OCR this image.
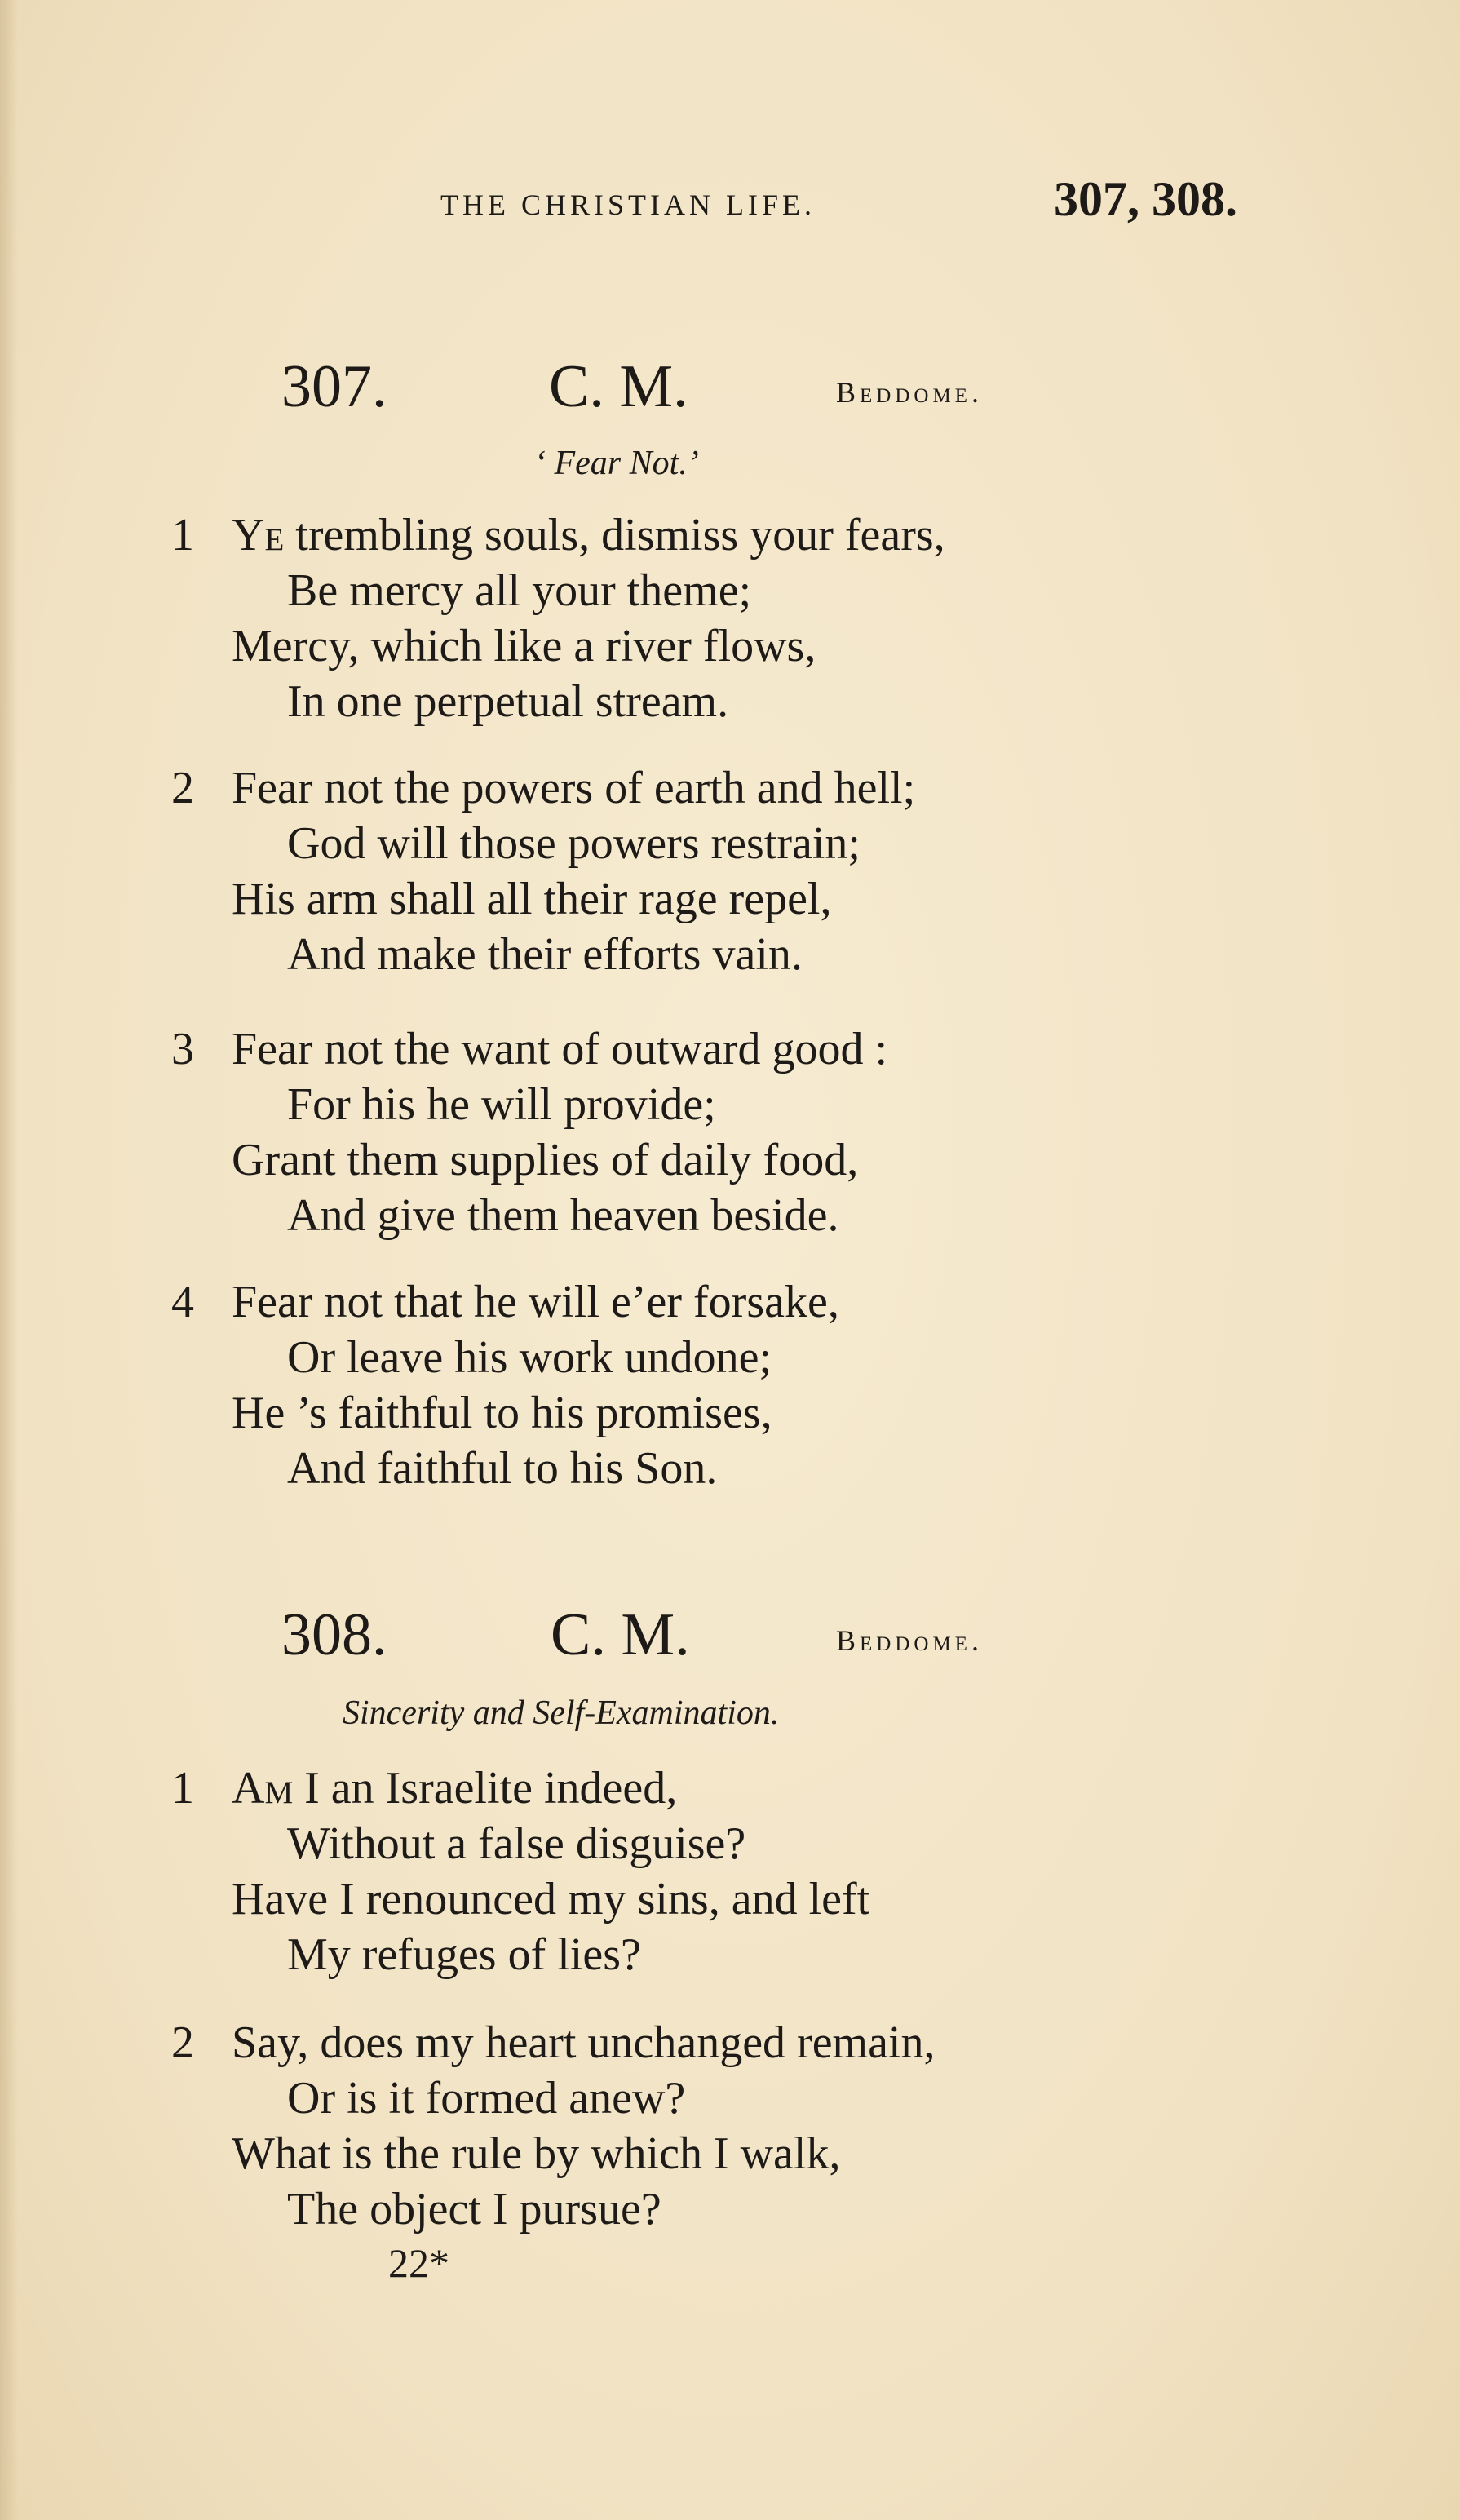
THE CHRISTIAN LIFE.	307, 308.
307.	C. M.	Beddome.
‘ Fear Not.’
1 Ye trembling souls, dismiss your fears,
Be mercy all your theme;
Mercy, which like a river flows,
In one perpetual stream.
2 Fear not the powers of earth and hell;
God will those powers restrain;
His arm shall all their rage repel,
And make their efforts vain.
3 Fear not the want of outward good :
For his he will provide;
Grant them supplies of daily food,
And give them heaven beside.
4 Fear not that he will e’er forsake,
Or leave his work undone;
He ’s faithful to his promises,
And faithful to his Son.
308.	C. M.	Beddome.
Sincerity and Self-Examination.
1 Am I an Israelite indeed,
Without a false disguise?
Have I renounced my sins, and left
My refuges of lies?
2 Say, does my heart unchanged remain,
Or is it formed anew?
What is the rule by which I walk,
The object I pursue?
22*
